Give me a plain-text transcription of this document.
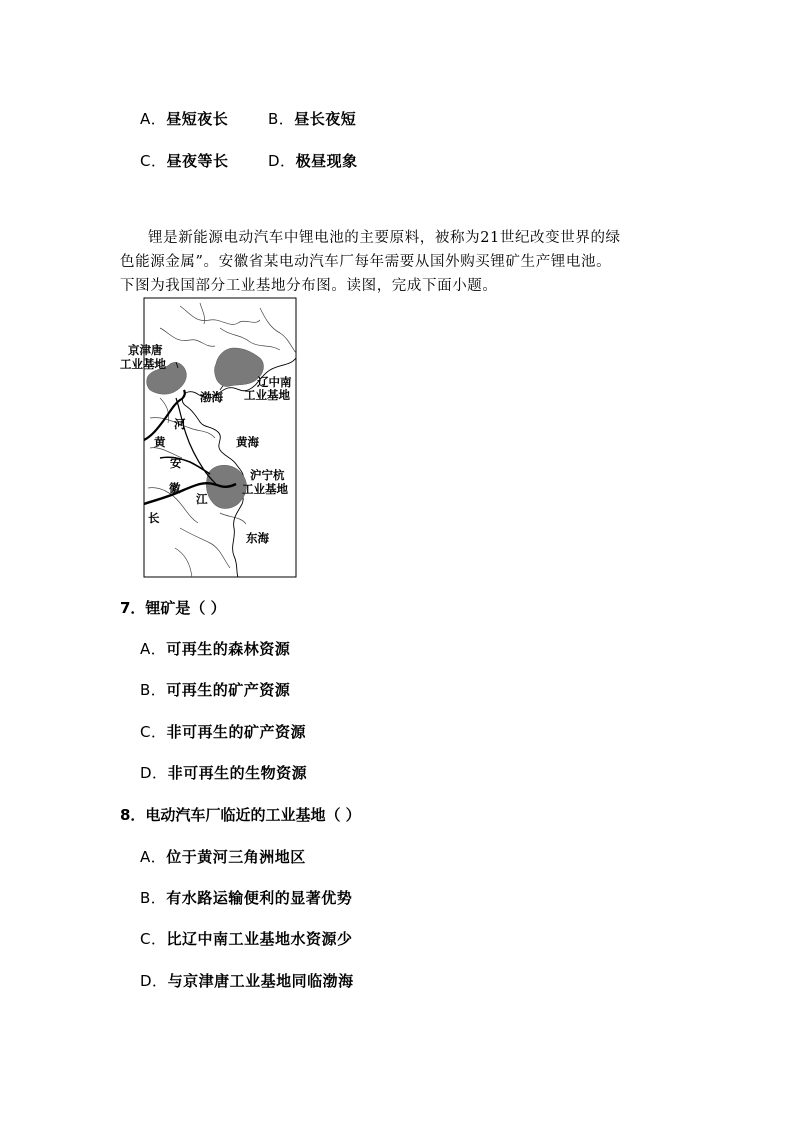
A．昼短夜长	B．昼长夜短
C．昼夜等长	D．极昼现象
锂是新能源电动汽车中锂电池的主要原料，被称为21世纪改变世界的绿
色能源金属”。安徽省某电动汽车厂每年需要从国外购买锂矿生产锂电池。
下图为我国部分工业基地分布图。读图，完成下面小题。
京津唐
工业基地
辽中南
工业基地
渤海
河
黄海
黄
安
徽
江
长
沪宁杭
工业基地
东海
7．锂矿是（ ）
A．可再生的森林资源
B．可再生的矿产资源
C．非可再生的矿产资源
D．非可再生的生物资源
8．电动汽车厂临近的工业基地（ ）
A．位于黄河三角洲地区
B．有水路运输便利的显著优势
C．比辽中南工业基地水资源少
D．与京津唐工业基地同临渤海
